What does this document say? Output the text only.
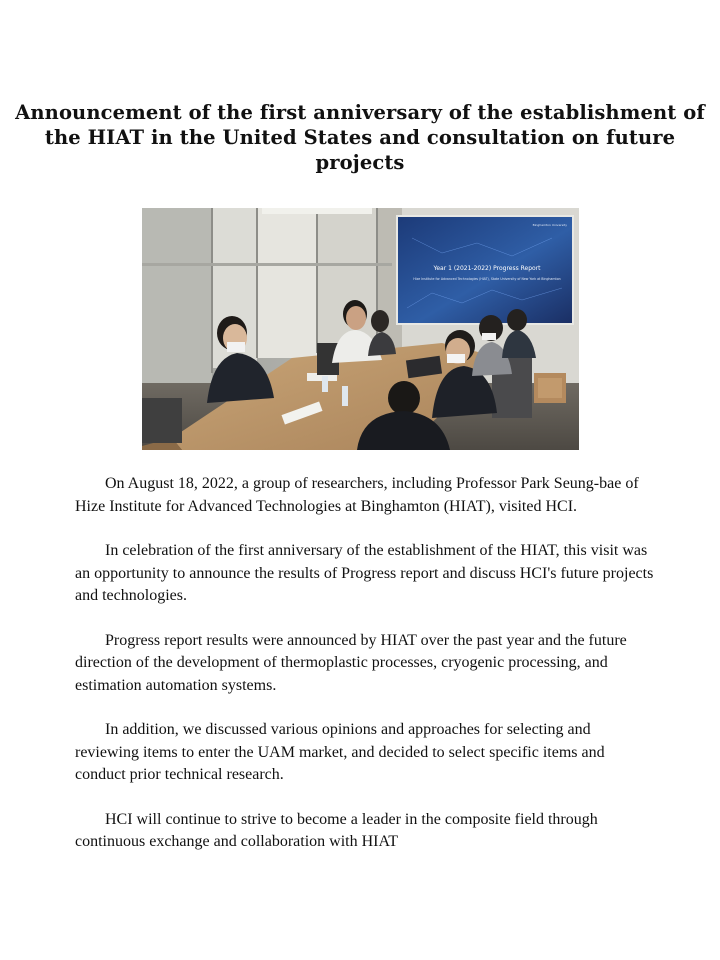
Announcement of the first anniversary of the establishment of the HIAT in the United States and consultation on future projects
Year 1 (2021-2022) Progress Report
Hize Institute for Advanced Technologies (HIAT), State University of New York at Binghamton
Binghamton University

On August 18, 2022, a group of researchers, including Professor Park Seung-bae of Hize Institute for Advanced Technologies at Binghamton (HIAT), visited HCI.

In celebration of the first anniversary of the establishment of the HIAT, this visit was an opportunity to announce the results of Progress report and discuss HCI's future projects and technologies.

Progress report results were announced by HIAT over the past year and the future direction of the development of thermoplastic processes, cryogenic processing, and estimation automation systems.

In addition, we discussed various opinions and approaches for selecting and reviewing items to enter the UAM market, and decided to select specific items and conduct prior technical research.

HCI will continue to strive to become a leader in the composite field through continuous exchange and collaboration with HIAT
